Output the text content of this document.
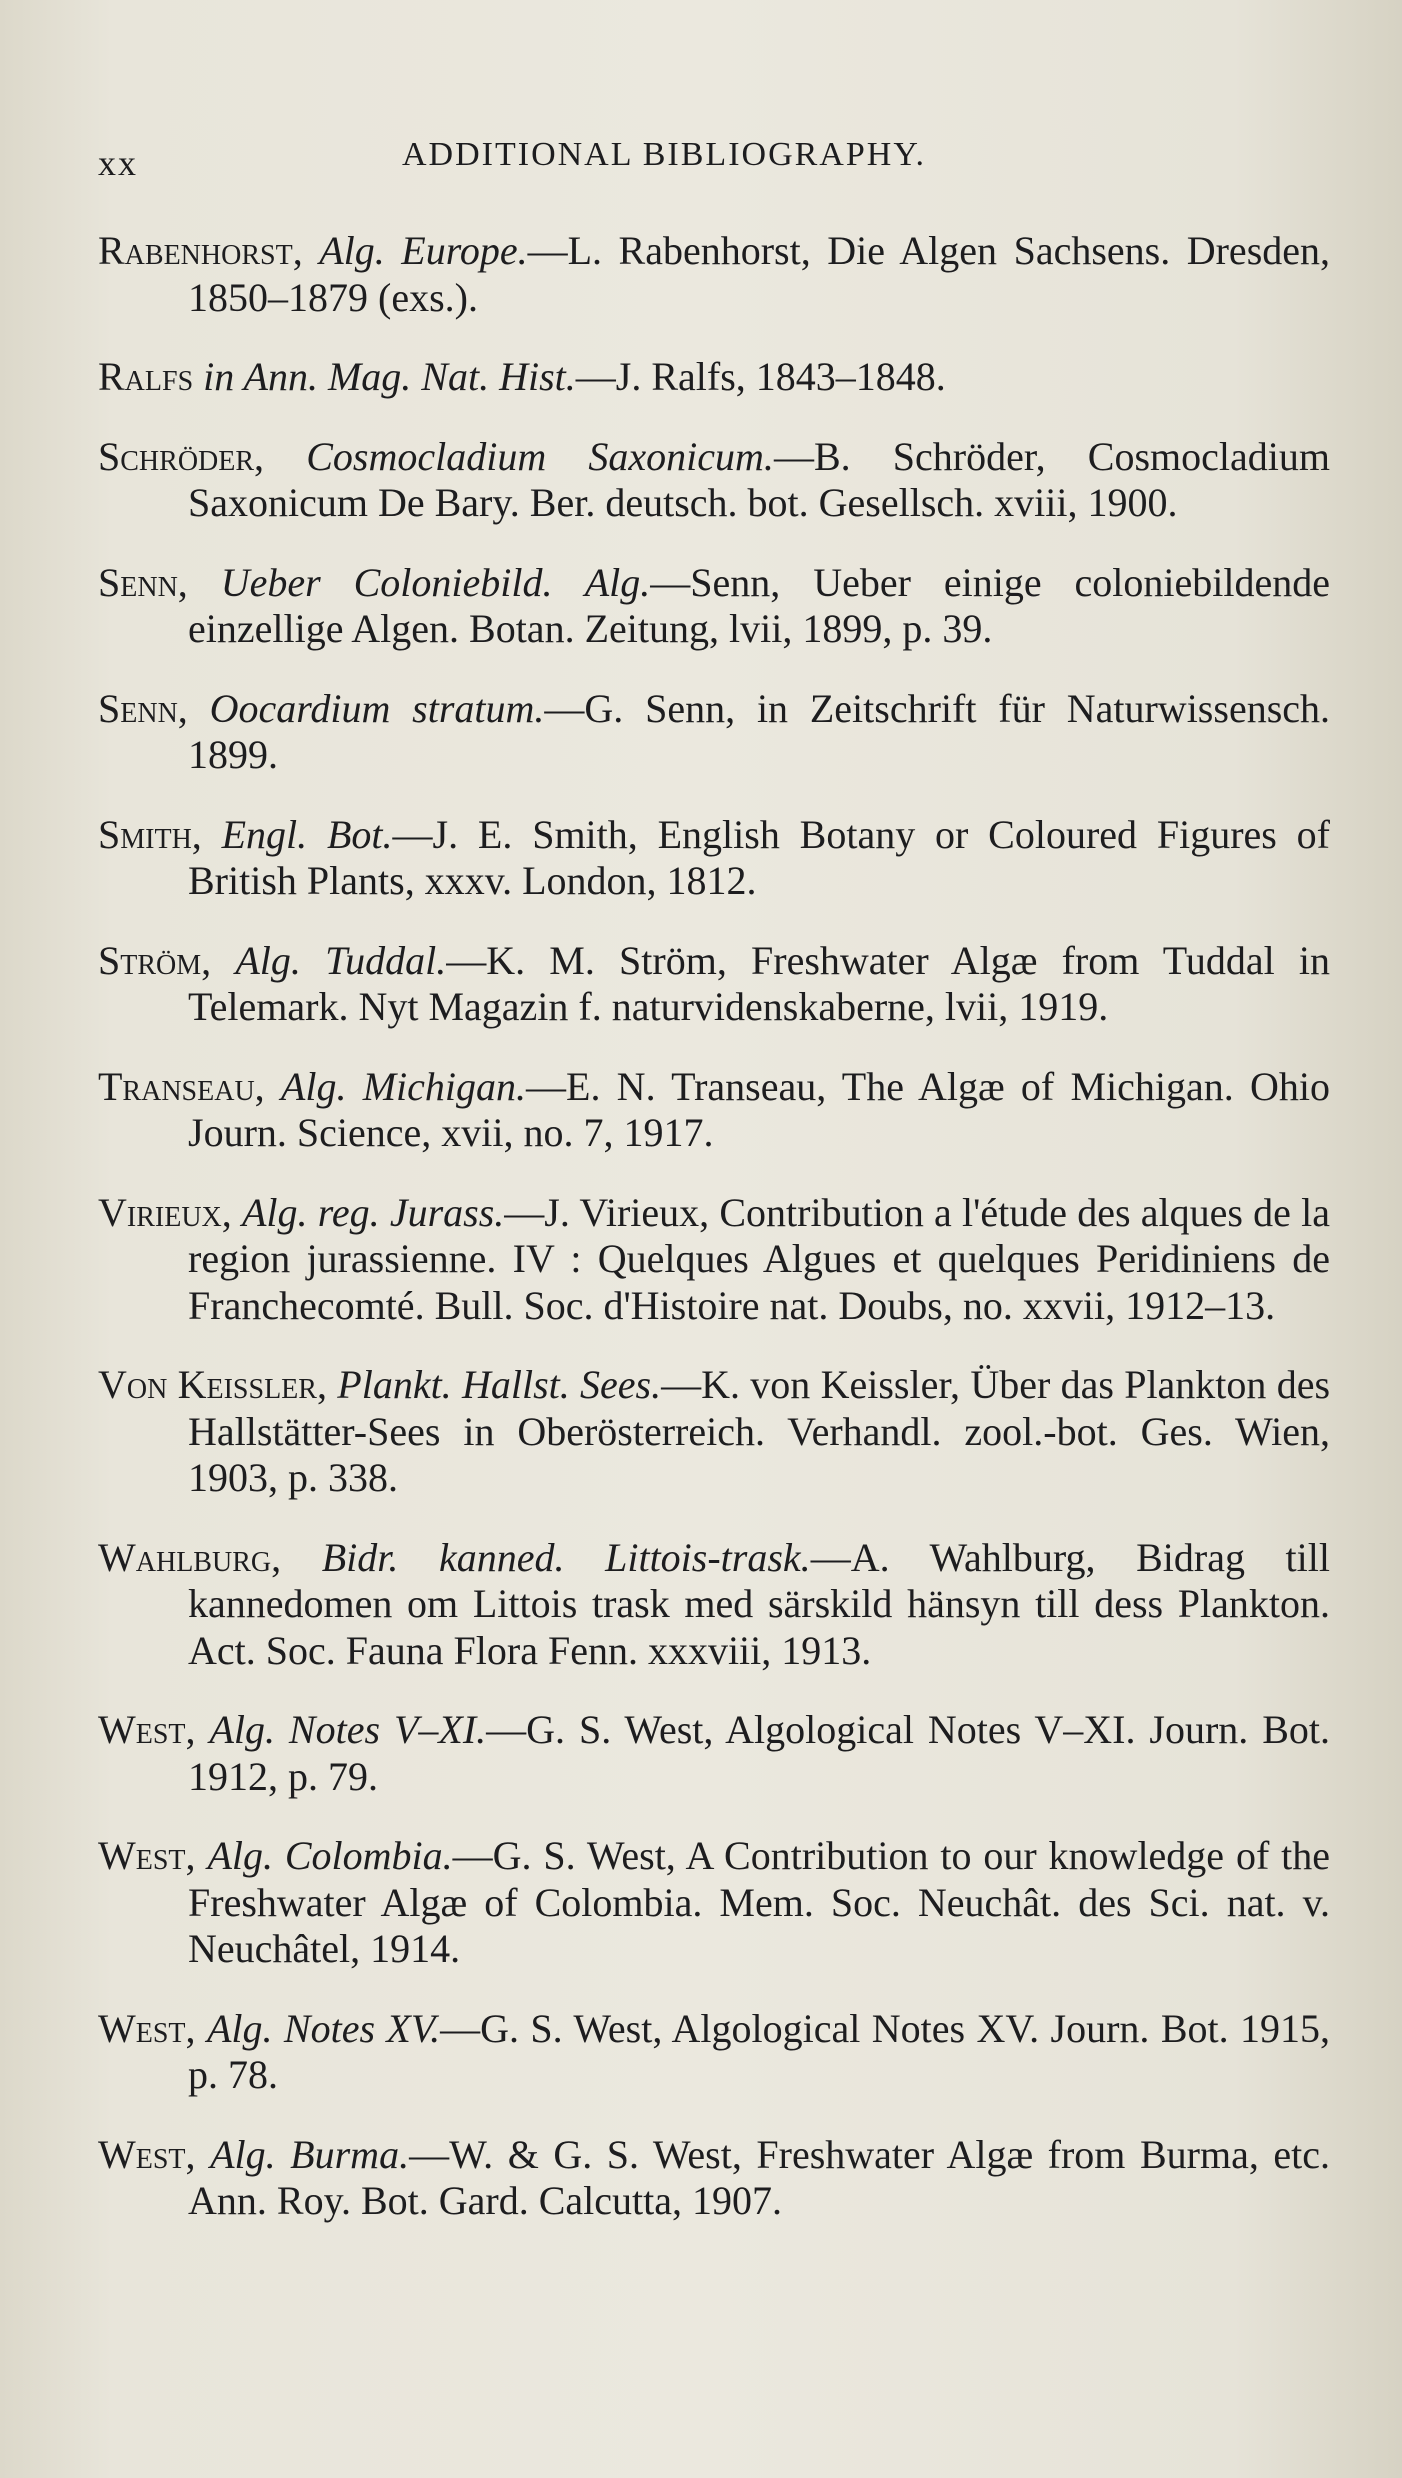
xx	ADDITIONAL BIBLIOGRAPHY.

Rabenhorst, Alg. Europe.—L. Rabenhorst, Die Algen Sachsens. Dresden, 1850–1879 (exs.).

Ralfs in Ann. Mag. Nat. Hist.—J. Ralfs, 1843–1848.

Schröder, Cosmocladium Saxonicum.—B. Schröder, Cosmocladium Saxonicum De Bary. Ber. deutsch. bot. Gesellsch. xviii, 1900.

Senn, Ueber Coloniebild. Alg.—Senn, Ueber einige coloniebildende einzellige Algen. Botan. Zeitung, lvii, 1899, p. 39.

Senn, Oocardium stratum.—G. Senn, in Zeitschrift für Naturwissensch. 1899.

Smith, Engl. Bot.—J. E. Smith, English Botany or Coloured Figures of British Plants, xxxv. London, 1812.

Ström, Alg. Tuddal.—K. M. Ström, Freshwater Algæ from Tuddal in Telemark. Nyt Magazin f. naturvidenskaberne, lvii, 1919.

Transeau, Alg. Michigan.—E. N. Transeau, The Algæ of Michigan. Ohio Journ. Science, xvii, no. 7, 1917.

Virieux, Alg. reg. Jurass.—J. Virieux, Contribution a l'étude des alques de la region jurassienne. IV : Quelques Algues et quelques Peridiniens de Franchecomté. Bull. Soc. d'Histoire nat. Doubs, no. xxvii, 1912–13.

Von Keissler, Plankt. Hallst. Sees.—K. von Keissler, Über das Plankton des Hallstätter-Sees in Oberösterreich. Verhandl. zool.-bot. Ges. Wien, 1903, p. 338.

Wahlburg, Bidr. kanned. Littois-trask.—A. Wahlburg, Bidrag till kannedomen om Littois trask med särskild hänsyn till dess Plankton. Act. Soc. Fauna Flora Fenn. xxxviii, 1913.

West, Alg. Notes V–XI.—G. S. West, Algological Notes V–XI. Journ. Bot. 1912, p. 79.

West, Alg. Colombia.—G. S. West, A Contribution to our knowledge of the Freshwater Algæ of Colombia. Mem. Soc. Neuchât. des Sci. nat. v. Neuchâtel, 1914.

West, Alg. Notes XV.—G. S. West, Algological Notes XV. Journ. Bot. 1915, p. 78.

West, Alg. Burma.—W. & G. S. West, Freshwater Algæ from Burma, etc. Ann. Roy. Bot. Gard. Calcutta, 1907.
